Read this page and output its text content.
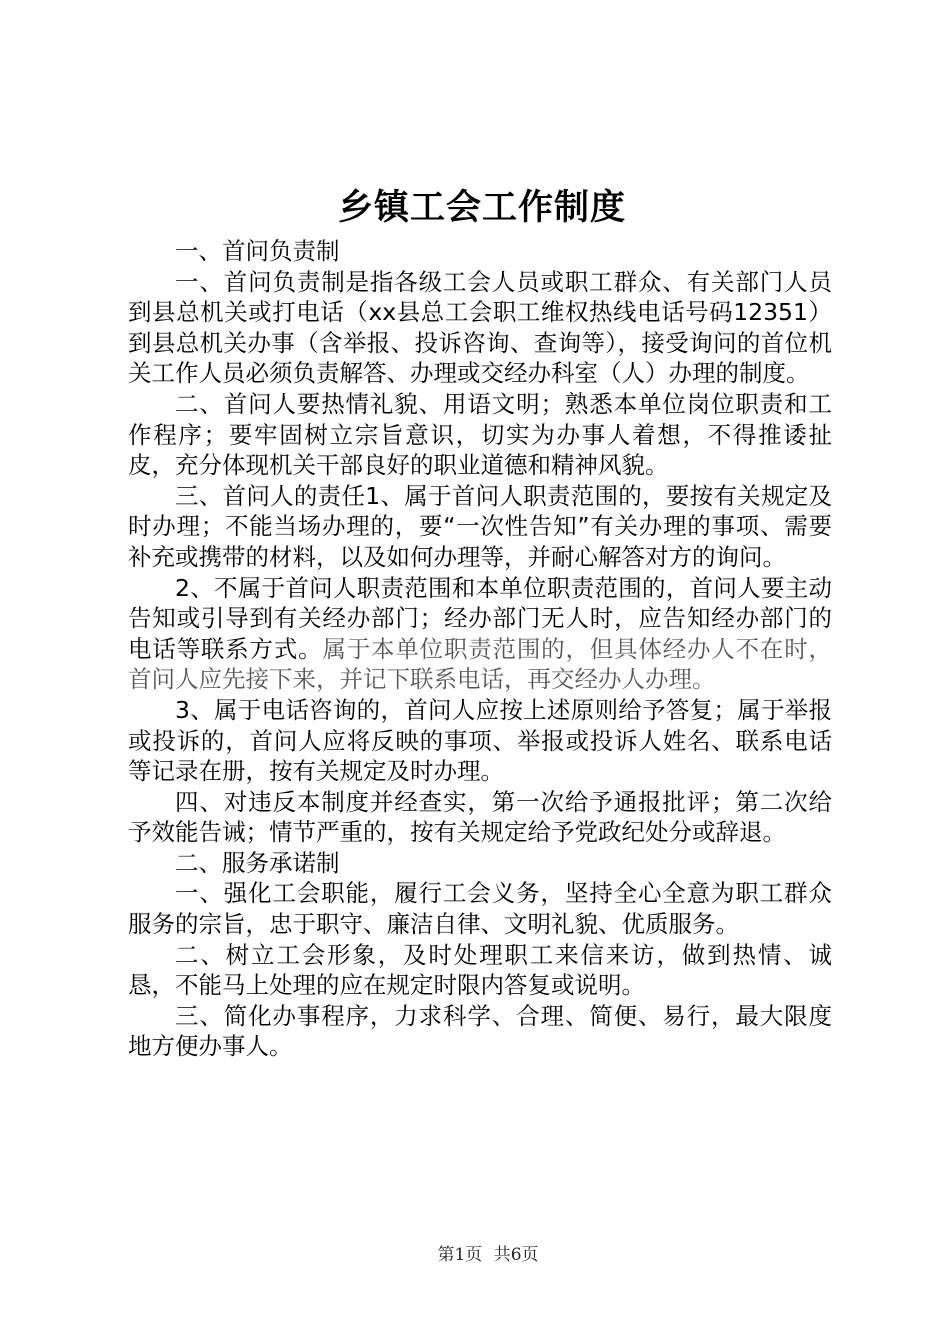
乡镇工会工作制度

一、首问负责制

一、首问负责制是指各级工会人员或职工群众、有关部门人员到县总机关或打电话（xx县总工会职工维权热线电话号码12351）到县总机关办事（含举报、投诉咨询、查询等），接受询问的首位机关工作人员必须负责解答、办理或交经办科室（人）办理的制度。

二、首问人要热情礼貌、用语文明；熟悉本单位岗位职责和工作程序；要牢固树立宗旨意识，切实为办事人着想，不得推诿扯皮，充分体现机关干部良好的职业道德和精神风貌。

三、首问人的责任1、属于首问人职责范围的，要按有关规定及时办理；不能当场办理的，要“一次性告知”有关办理的事项、需要补充或携带的材料，以及如何办理等，并耐心解答对方的询问。

2、不属于首问人职责范围和本单位职责范围的，首问人要主动告知或引导到有关经办部门；经办部门无人时，应告知经办部门的电话等联系方式。属于本单位职责范围的，但具体经办人不在时，首问人应先接下来，并记下联系电话，再交经办人办理。

3、属于电话咨询的，首问人应按上述原则给予答复；属于举报或投诉的，首问人应将反映的事项、举报或投诉人姓名、联系电话等记录在册，按有关规定及时办理。

四、对违反本制度并经查实，第一次给予通报批评；第二次给予效能告诫；情节严重的，按有关规定给予党政纪处分或辞退。

二、服务承诺制

一、强化工会职能，履行工会义务，坚持全心全意为职工群众服务的宗旨，忠于职守、廉洁自律、文明礼貌、优质服务。

二、树立工会形象，及时处理职工来信来访，做到热情、诚恳，不能马上处理的应在规定时限内答复或说明。

三、简化办事程序，力求科学、合理、简便、易行，最大限度地方便办事人。

第1页 共6页
